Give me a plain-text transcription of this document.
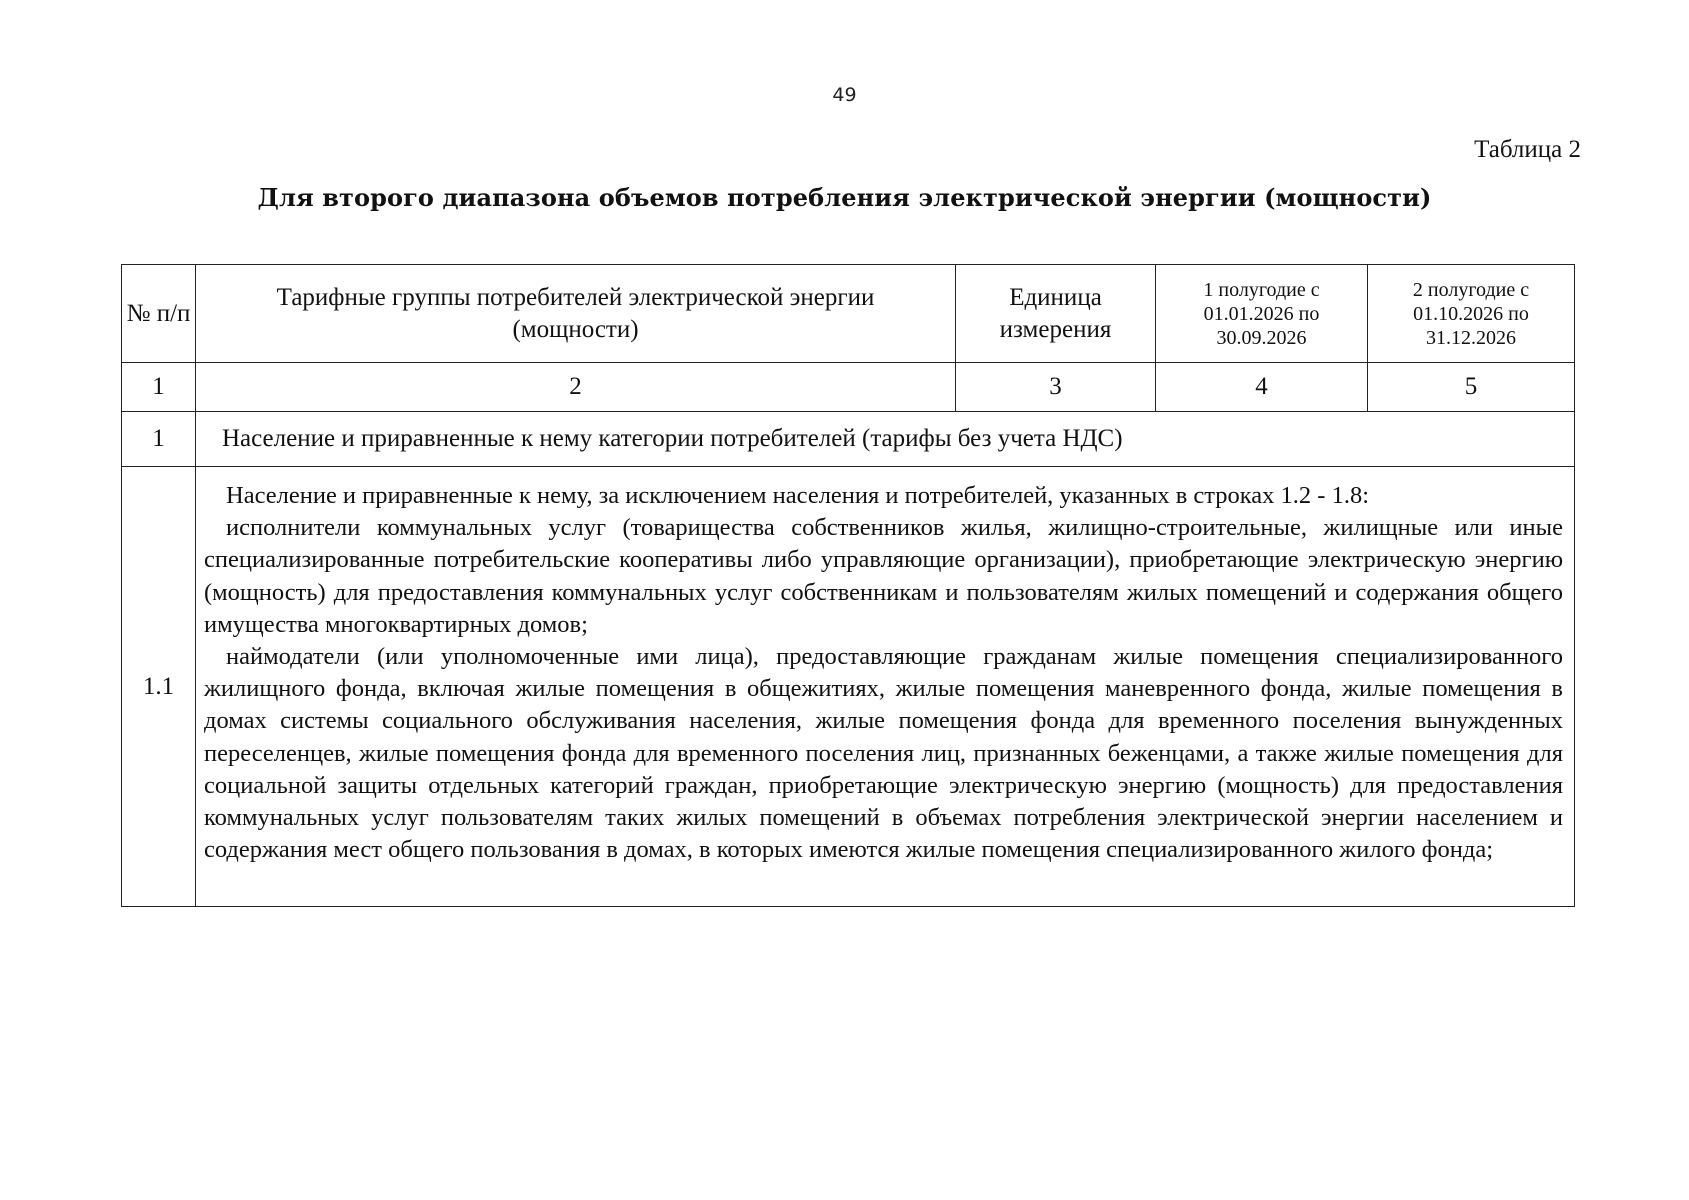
49
Таблица 2
Для второго диапазона объемов потребления электрической энергии (мощности)
№ п/п	Тарифные группы потребителей электрической энергии (мощности)	Единица измерения	1 полугодие с 01.01.2026 по 30.09.2026	2 полугодие с 01.10.2026 по 31.12.2026
1	2	3	4	5
1	Население и приравненные к нему категории потребителей (тарифы без учета НДС)			
1.1	Население и приравненные к нему, за исключением населения и потребителей, указанных в строках 1.2 - 1.8:

исполнители коммунальных услуг (товарищества собственников жилья, жилищно-строительные, жилищные или иные специализированные потребительские кооперативы либо управляющие организации), приобретающие электрическую энергию (мощность) для предоставления коммунальных услуг собственникам и пользователям жилых помещений и содержания общего имущества многоквартирных домов;

наймодатели (или уполномоченные ими лица), предоставляющие гражданам жилые помещения специализированного жилищного фонда, включая жилые помещения в общежитиях, жилые помещения маневренного фонда, жилые помещения в домах системы социального обслуживания населения, жилые помещения фонда для временного поселения вынужденных переселенцев, жилые помещения фонда для временного поселения лиц, признанных беженцами, а также жилые помещения для социальной защиты отдельных категорий граждан, приобретающие электрическую энергию (мощность) для предоставления коммунальных услуг пользователям таких жилых помещений в объемах потребления электрической энергии населением и содержания мест общего пользования в домах, в которых имеются жилые помещения специализированного жилого фонда;			
